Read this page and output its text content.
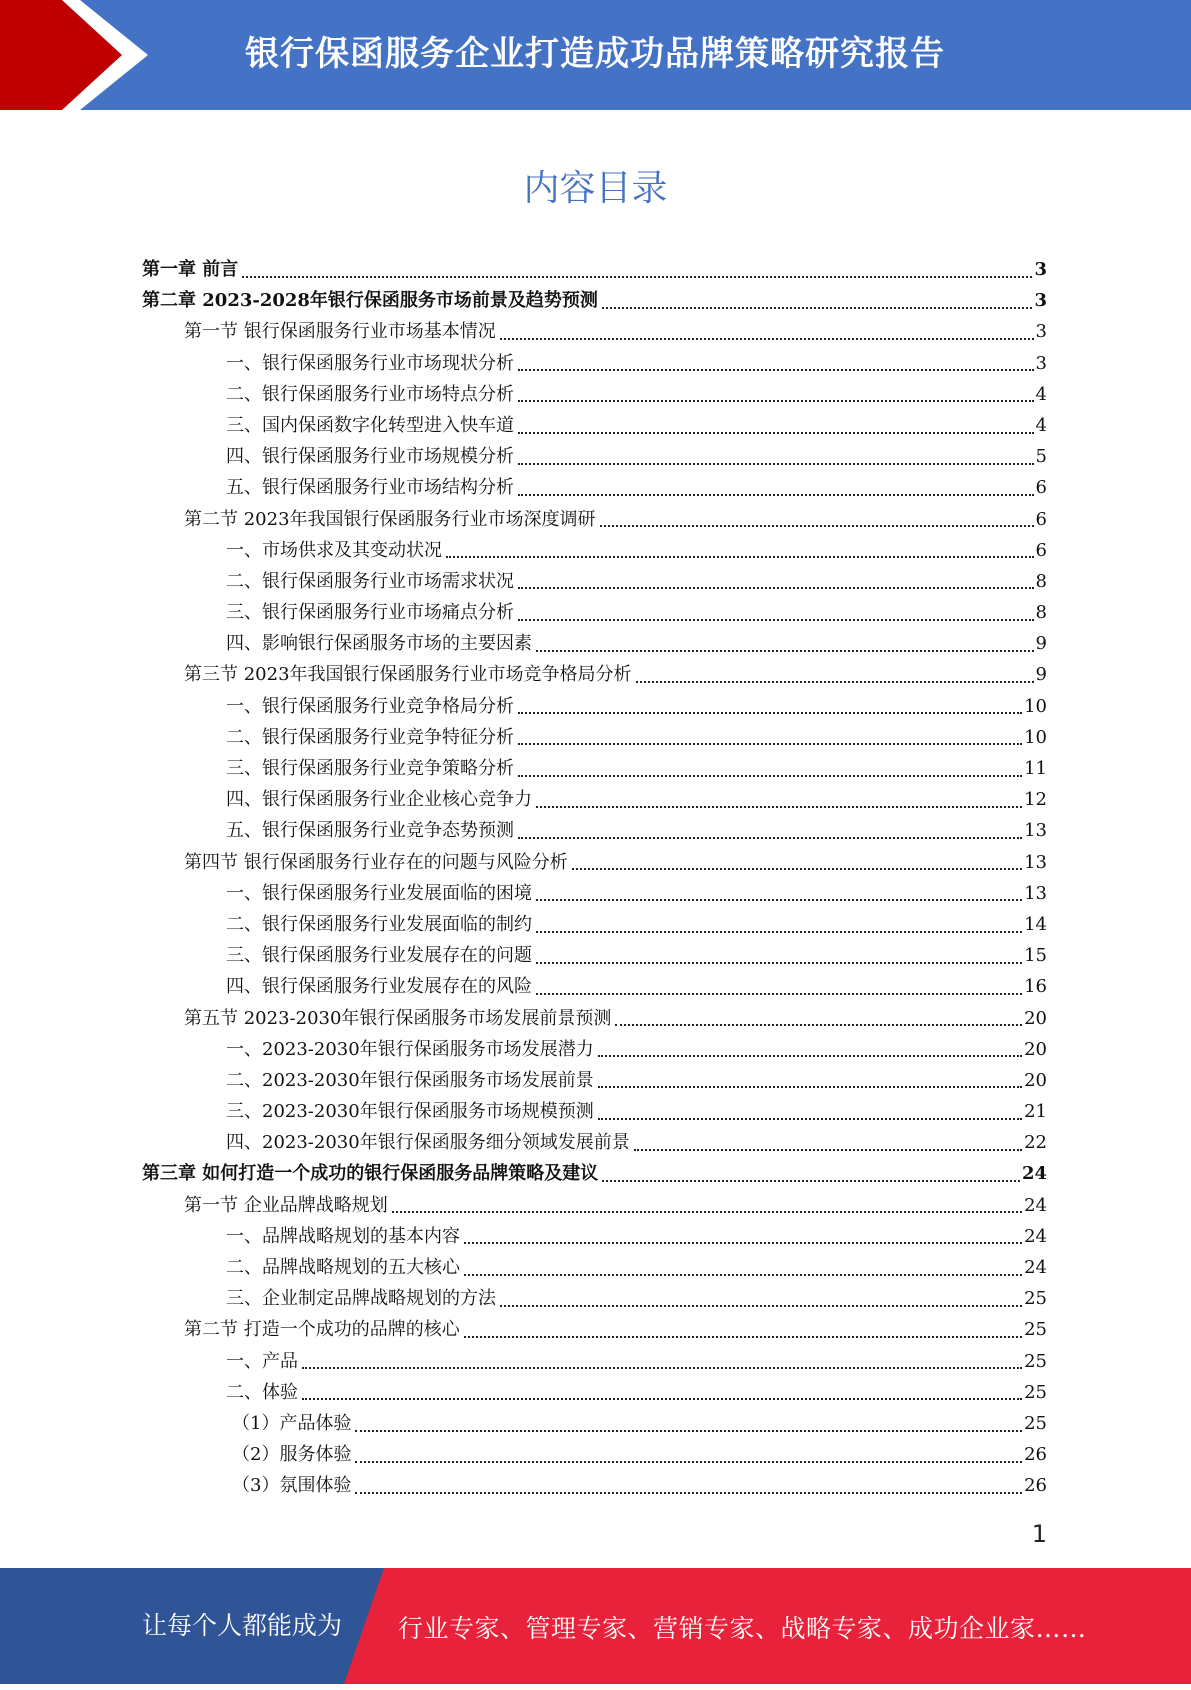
银行保函服务企业打造成功品牌策略研究报告
内容目录
第一章 前言	3
第二章 2023-2028年银行保函服务市场前景及趋势预测	3
第一节 银行保函服务行业市场基本情况	3
一、银行保函服务行业市场现状分析	3
二、银行保函服务行业市场特点分析	4
三、国内保函数字化转型进入快车道	4
四、银行保函服务行业市场规模分析	5
五、银行保函服务行业市场结构分析	6
第二节 2023年我国银行保函服务行业市场深度调研	6
一、市场供求及其变动状况	6
二、银行保函服务行业市场需求状况	8
三、银行保函服务行业市场痛点分析	8
四、影响银行保函服务市场的主要因素	9
第三节 2023年我国银行保函服务行业市场竞争格局分析	9
一、银行保函服务行业竞争格局分析	10
二、银行保函服务行业竞争特征分析	10
三、银行保函服务行业竞争策略分析	11
四、银行保函服务行业企业核心竞争力	12
五、银行保函服务行业竞争态势预测	13
第四节 银行保函服务行业存在的问题与风险分析	13
一、银行保函服务行业发展面临的困境	13
二、银行保函服务行业发展面临的制约	14
三、银行保函服务行业发展存在的问题	15
四、银行保函服务行业发展存在的风险	16
第五节 2023-2030年银行保函服务市场发展前景预测	20
一、2023-2030年银行保函服务市场发展潜力	20
二、2023-2030年银行保函服务市场发展前景	20
三、2023-2030年银行保函服务市场规模预测	21
四、2023-2030年银行保函服务细分领域发展前景	22
第三章 如何打造一个成功的银行保函服务品牌策略及建议	24
第一节 企业品牌战略规划	24
一、品牌战略规划的基本内容	24
二、品牌战略规划的五大核心	24
三、企业制定品牌战略规划的方法	25
第二节 打造一个成功的品牌的核心	25
一、产品	25
二、体验	25
（1）产品体验	25
（2）服务体验	26
（3）氛围体验	26
1
让每个人都能成为 行业专家、管理专家、营销专家、战略专家、成功企业家……
